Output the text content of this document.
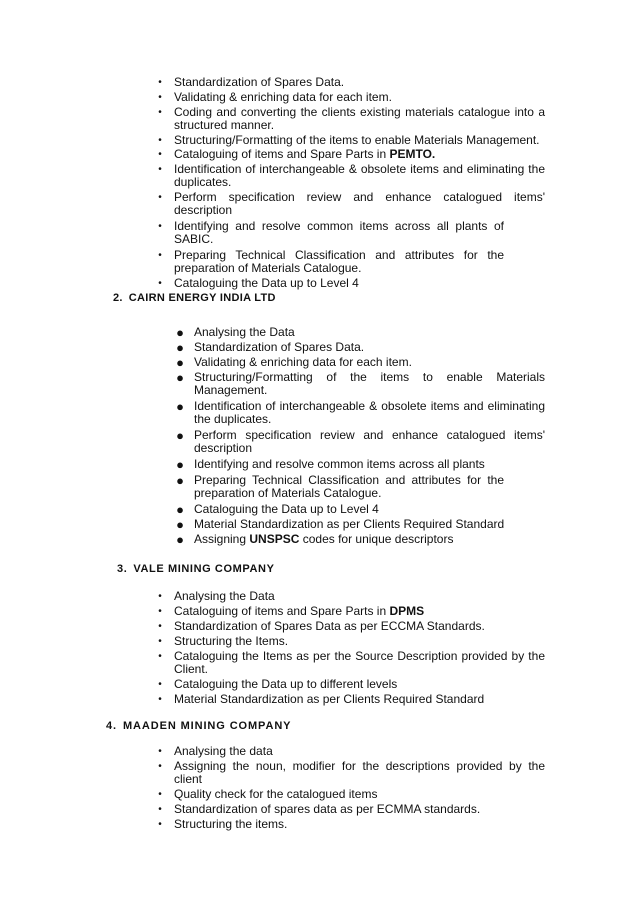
•	Standardization of Spares Data.
•	Validating & enriching data for each item.
•	Coding and converting the clients existing materials catalogue into a structured manner.
•	Structuring/Formatting of the items to enable Materials Management.
•	Cataloguing of items and Spare Parts in PEMTO.
•	Identification of interchangeable & obsolete items and eliminating the duplicates.
•	Perform specification review and enhance catalogued items' description
•	Identifying and resolve common items across all plants of SABIC.
•	Preparing Technical Classification and attributes for the preparation of Materials Catalogue.
•	Cataloguing the Data up to Level 4
2. CAIRN ENERGY INDIA LTD
● Analysing the Data
● Standardization of Spares Data.
● Validating & enriching data for each item.
● Structuring/Formatting of the items to enable Materials Management.
● Identification of interchangeable & obsolete items and eliminating the duplicates.
● Perform specification review and enhance catalogued items' description
● Identifying and resolve common items across all plants
● Preparing Technical Classification and attributes for the preparation of Materials Catalogue.
● Cataloguing the Data up to Level 4
● Material Standardization as per Clients Required Standard
● Assigning UNSPSC codes for unique descriptors
3. VALE MINING COMPANY
•	Analysing the Data
•	Cataloguing of items and Spare Parts in DPMS
•	Standardization of Spares Data as per ECCMA Standards.
•	Structuring the Items.
•	Cataloguing the Items as per the Source Description provided by the Client.
•	Cataloguing the Data up to different levels
•	Material Standardization as per Clients Required Standard
4. MAADEN MINING COMPANY
•	Analysing the data
•	Assigning the noun, modifier for the descriptions provided by the client
•	Quality check for the catalogued items
•	Standardization of spares data as per ECMMA standards.
•	Structuring the items.
